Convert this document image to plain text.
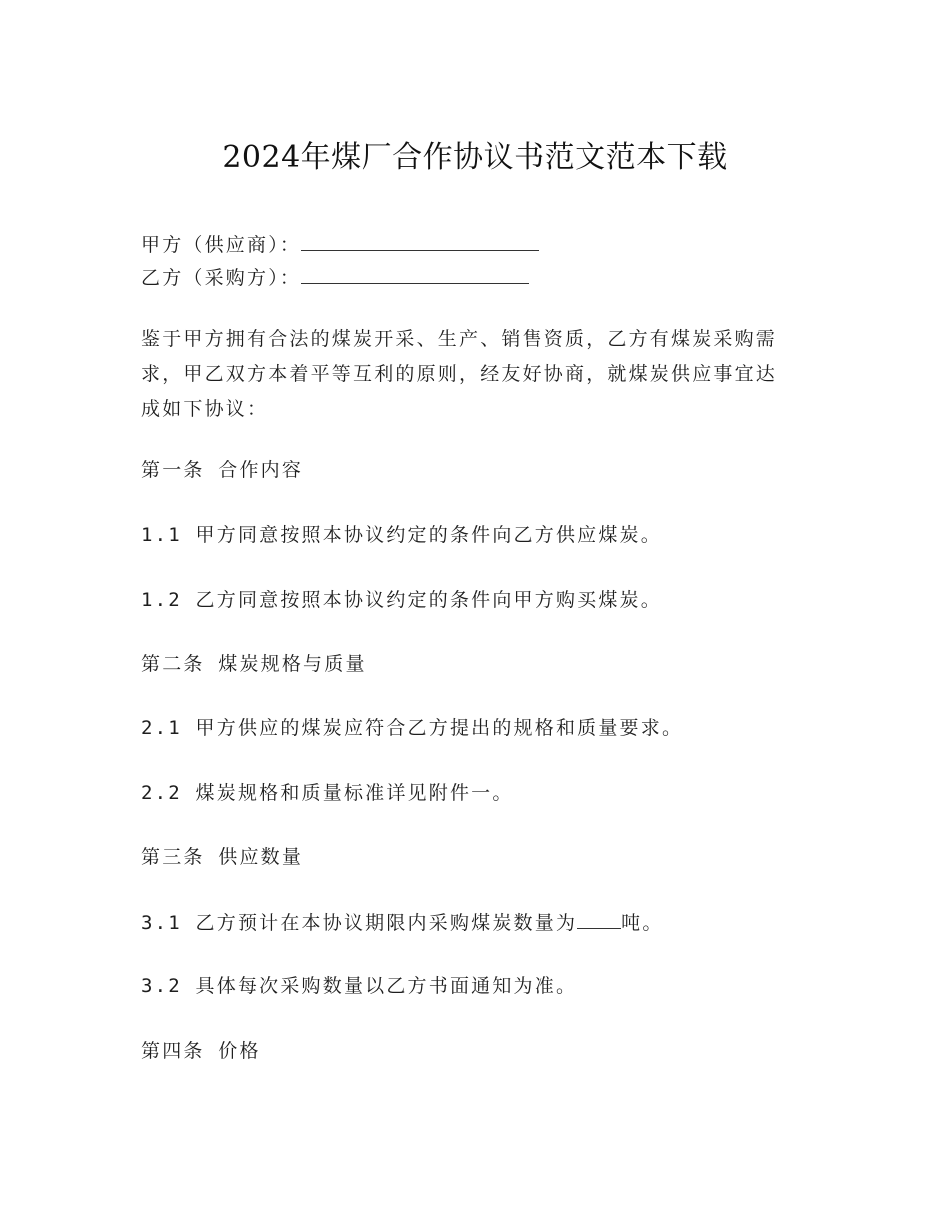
2024年煤厂合作协议书范文范本下载
甲方（供应商）：
乙方（采购方）：
鉴于甲方拥有合法的煤炭开采、生产、销售资质，乙方有煤炭采购需
求，甲乙双方本着平等互利的原则，经友好协商，就煤炭供应事宜达
成如下协议：
第一条 合作内容
1.1 甲方同意按照本协议约定的条件向乙方供应煤炭。
1.2 乙方同意按照本协议约定的条件向甲方购买煤炭。
第二条 煤炭规格与质量
2.1 甲方供应的煤炭应符合乙方提出的规格和质量要求。
2.2 煤炭规格和质量标准详见附件一。
第三条 供应数量
3.1 乙方预计在本协议期限内采购煤炭数量为 吨。
3.2 具体每次采购数量以乙方书面通知为准。
第四条 价格
